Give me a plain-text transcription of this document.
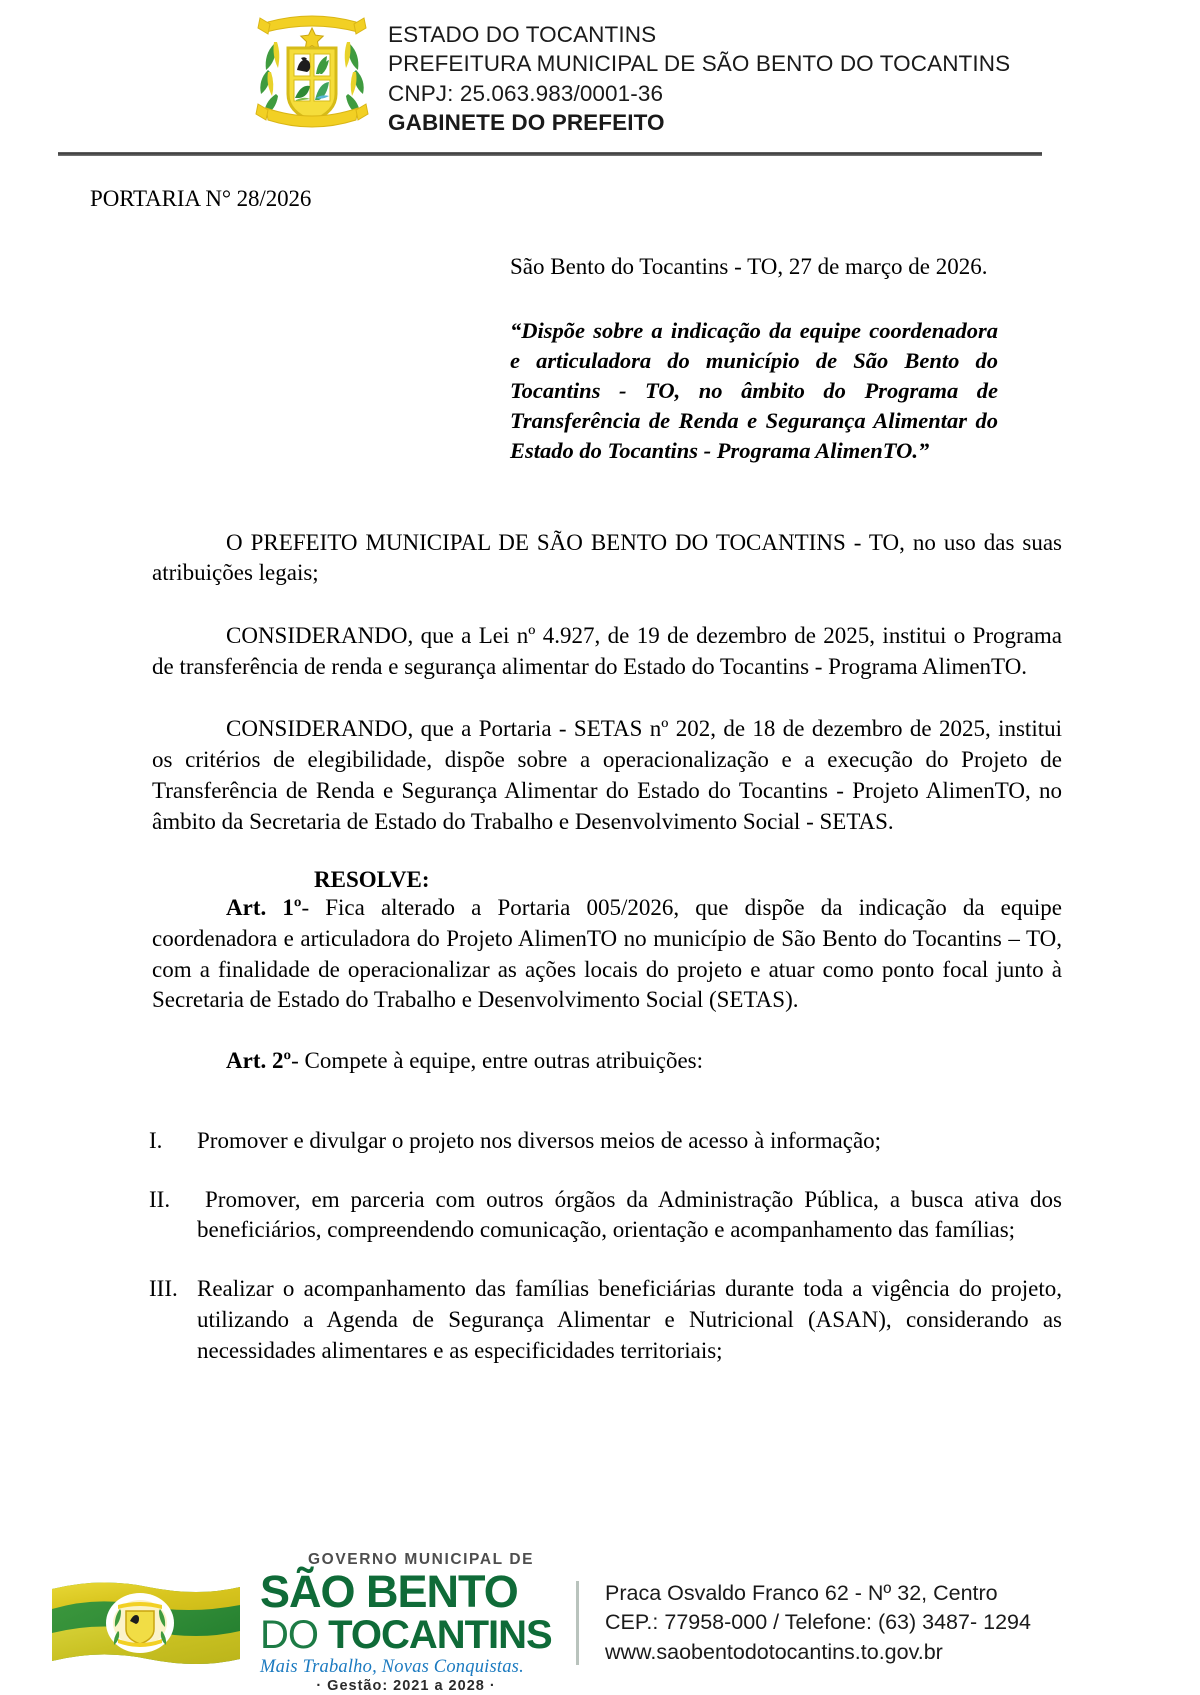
ESTADO DO TOCANTINS
PREFEITURA MUNICIPAL DE SÃO BENTO DO TOCANTINS
CNPJ: 25.063.983/0001-36
GABINETE DO PREFEITO
PORTARIA N° 28/2026
São Bento do Tocantins - TO, 27 de março de 2026.
“Dispõe sobre a indicação da equipe coordenadora e articuladora do município de São Bento do Tocantins - TO, no âmbito do Programa de Transferência de Renda e Segurança Alimentar do Estado do Tocantins - Programa AlimenTO.”

O PREFEITO MUNICIPAL DE SÃO BENTO DO TOCANTINS - TO, no uso das suas atribuições legais;

CONSIDERANDO, que a Lei nº 4.927, de 19 de dezembro de 2025, institui o Programa de transferência de renda e segurança alimentar do Estado do Tocantins - Programa AlimenTO.

CONSIDERANDO, que a Portaria - SETAS nº 202, de 18 de dezembro de 2025, institui os critérios de elegibilidade, dispõe sobre a operacionalização e a execução do Projeto de Transferência de Renda e Segurança Alimentar do Estado do Tocantins - Projeto AlimenTO, no âmbito da Secretaria de Estado do Trabalho e Desenvolvimento Social - SETAS.

RESOLVE:

Art. 1º- Fica alterado a Portaria 005/2026, que dispõe da indicação da equipe coordenadora e articuladora do Projeto AlimenTO no município de São Bento do Tocantins – TO, com a finalidade de operacionalizar as ações locais do projeto e atuar como ponto focal junto à Secretaria de Estado do Trabalho e Desenvolvimento Social (SETAS).

Art. 2º- Compete à equipe, entre outras atribuições:

I.	Promover e divulgar o projeto nos diversos meios de acesso à informação;
II.	Promover, em parceria com outros órgãos da Administração Pública, a busca ativa dos beneficiários, compreendendo comunicação, orientação e acompanhamento das famílias;
III. Realizar o acompanhamento das famílias beneficiárias durante toda a vigência do projeto, utilizando a Agenda de Segurança Alimentar e Nutricional (ASAN), considerando as necessidades alimentares e as especificidades territoriais;
GOVERNO MUNICIPAL DE
SÃO BENTO
DO TOCANTINS
Mais Trabalho, Novas Conquistas.
· Gestão: 2021 a 2028 ·
Praca Osvaldo Franco 62 - Nº 32, Centro
CEP.: 77958-000 / Telefone: (63) 3487- 1294
www.saobentodotocantins.to.gov.br
